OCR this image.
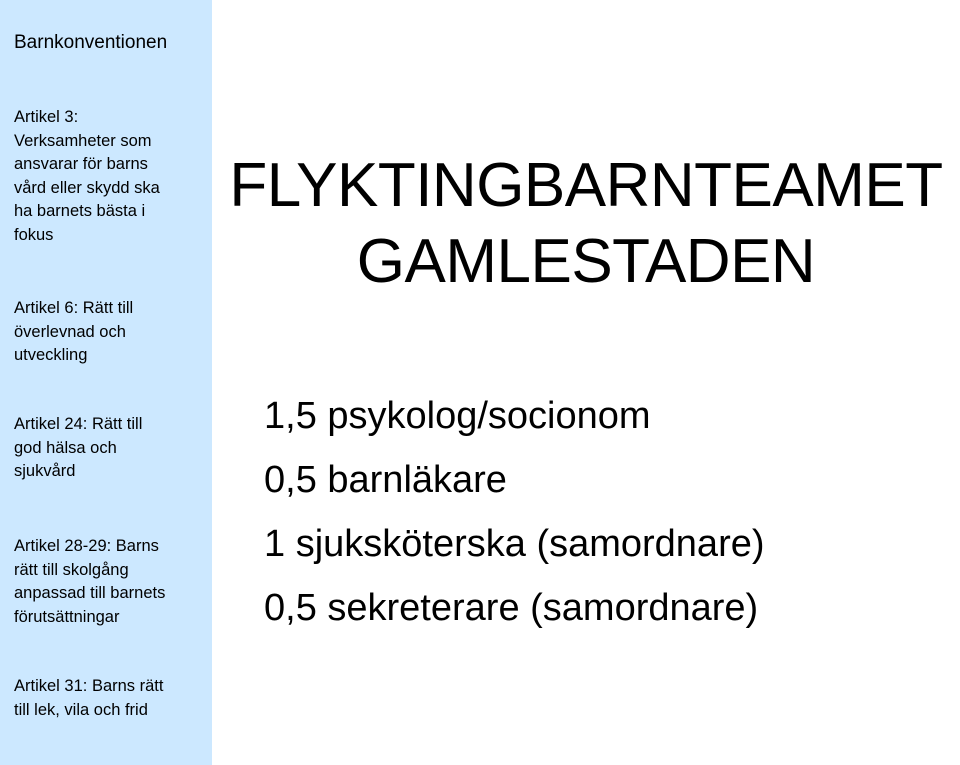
Barnkonventionen
Artikel 3:
Verksamheter som
ansvarar för barns
vård eller skydd ska
ha barnets bästa i
fokus
Artikel 6: Rätt till
överlevnad och
utveckling
Artikel 24: Rätt till
god hälsa och
sjukvård
Artikel 28-29: Barns
rätt till skolgång
anpassad till barnets
förutsättningar
Artikel 31: Barns rätt
till lek, vila och frid
FLYKTINGBARNTEAMET
GAMLESTADEN
1,5 psykolog/socionom
0,5 barnläkare
1 sjuksköterska (samordnare)
0,5 sekreterare (samordnare)
